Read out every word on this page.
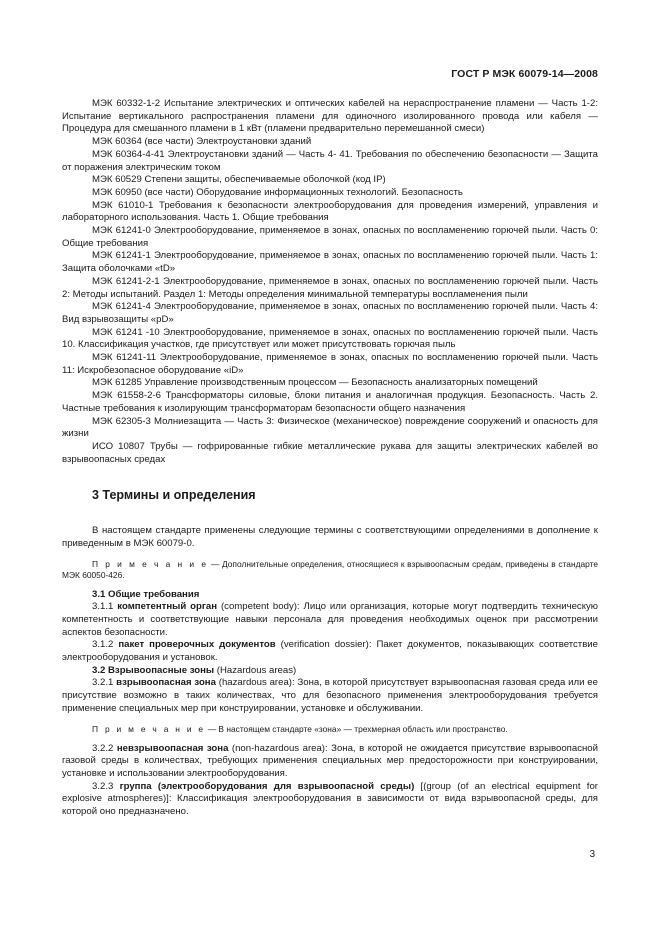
ГОСТ Р МЭК 60079-14—2008

МЭК 60332-1-2 Испытание электрических и оптических кабелей на нераспространение пламени — Часть 1-2: Испытание вертикального распространения пламени для одиночного изолированного провода или кабеля — Процедура для смешанного пламени в 1 кВт (пламени предварительно перемешанной смеси)

МЭК 60364 (все части) Электроустановки зданий

МЭК 60364-4-41 Электроустановки зданий — Часть 4- 41. Требования по обеспечению безопасности — Защита от поражения электрическим током

МЭК 60529 Степени защиты, обеспечиваемые оболочкой (код IP)

МЭК 60950 (все части) Оборудование информационных технологий. Безопасность

МЭК 61010-1 Требования к безопасности электрооборудования для проведения измерений, управления и лабораторного использования. Часть 1. Общие требования

МЭК 61241-0 Электрооборудование, применяемое в зонах, опасных по воспламенению горючей пыли. Часть 0: Общие требования

МЭК 61241-1 Электрооборудование, применяемое в зонах, опасных по воспламенению горючей пыли. Часть 1: Защита оболочками «tD»

МЭК 61241-2-1 Электрооборудование, применяемое в зонах, опасных по воспламенению горючей пыли. Часть 2: Методы испытаний. Раздел 1: Методы определения минимальной температуры воспламенения пыли

МЭК 61241-4 Электрооборудование, применяемое в зонах, опасных по воспламенению горючей пыли. Часть 4: Вид взрывозащиты «pD»

МЭК 61241 -10 Электрооборудование, применяемое в зонах, опасных по воспламенению горючей пыли. Часть 10. Классификация участков, где присутствует или может присутствовать горючая пыль

МЭК 61241-11 Электрооборудование, применяемое в зонах, опасных по воспламенению горючей пыли. Часть 11: Искробезопасное оборудование «iD»

МЭК 61285 Управление производственным процессом — Безопасность анализаторных помещений

МЭК 61558-2-6 Трансформаторы силовые, блоки питания и аналогичная продукция. Безопасность. Часть 2. Частные требования к изолирующим трансформаторам безопасности общего назначения

МЭК 62305-3 Молниезащита — Часть 3: Физическое (механическое) повреждение сооружений и опасность для жизни

ИСО 10807 Трубы — гофрированные гибкие металлические рукава для защиты электрических кабелей во взрывоопасных средах

3 Термины и определения

В настоящем стандарте применены следующие термины с соответствующими определениями в дополнение к приведенным в МЭК 60079-0.

П р и м е ч а н и е — Дополнительные определения, относящиеся к взрывоопасным средам, приведены в стандарте МЭК 60050-426.

3.1 Общие требования

3.1.1 компетентный орган (competent body): Лицо или организация, которые могут подтвердить техническую компетентность и соответствующие навыки персонала для проведения необходимых оценок при рассмотрении аспектов безопасности.

3.1.2 пакет проверочных документов (verification dossier): Пакет документов, показывающих соответствие электрооборудования и установок.

3.2 Взрывоопасные зоны (Hazardous areas)

3.2.1 взрывоопасная зона (hazardous area): Зона, в которой присутствует взрывоопасная газовая среда или ее присутствие возможно в таких количествах, что для безопасного применения электрооборудования требуется применение специальных мер при конструировании, установке и обслуживании.

П р и м е ч а н и е — В настоящем стандарте «зона» — трехмерная область или пространство.

3.2.2 невзрывоопасная зона (non-hazardous area): Зона, в которой не ожидается присутствие взрывоопасной газовой среды в количествах, требующих применения специальных мер предосторожности при конструировании, установке и использовании электрооборудования.

3.2.3 группа (электрооборудования для взрывоопасной среды) [(group (of an electrical equipment for explosive atmospheres)]: Классификация электрооборудования в зависимости от вида взрывоопасной среды, для которой оно предназначено.

3
